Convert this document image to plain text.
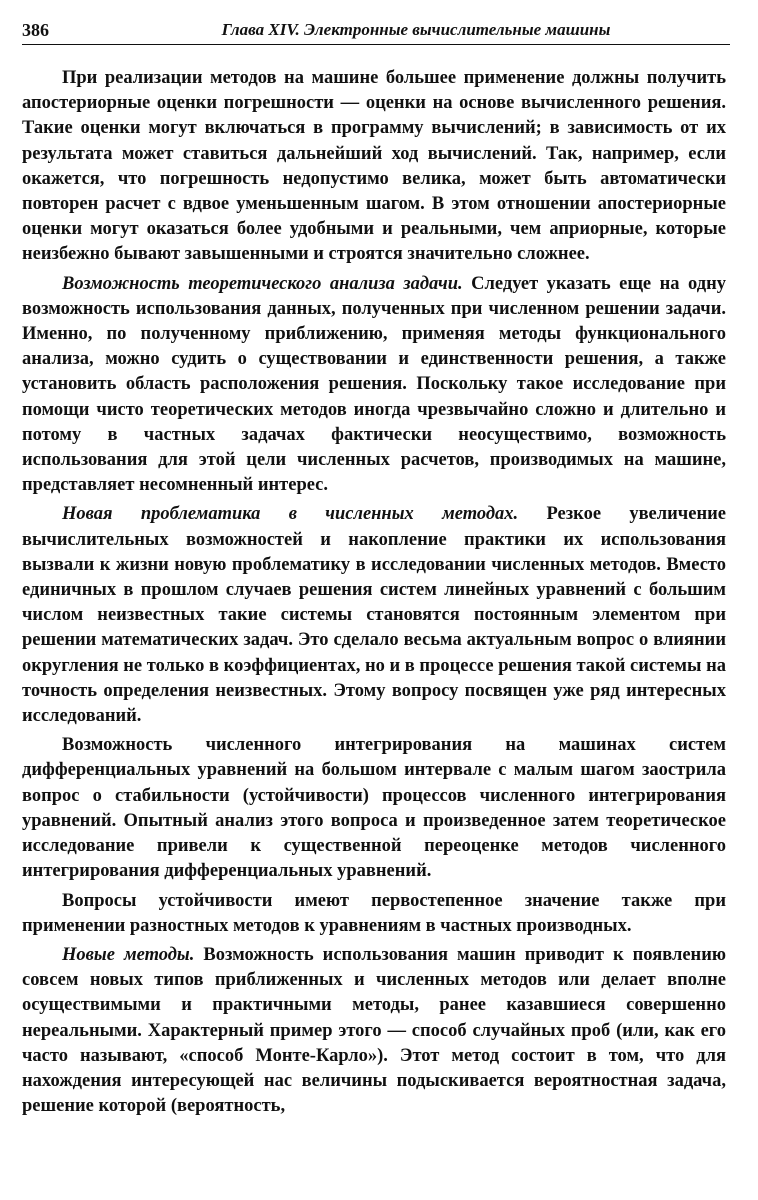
386	Глава XIV. Электронные вычислительные машины

При реализации методов на машине большее применение должны получить апостериорные оценки погрешности — оценки на основе вычисленного решения. Такие оценки могут включаться в программу вычислений; в зависимость от их результата может ставиться дальнейший ход вычислений. Так, например, если окажется, что погрешность недопустимо велика, может быть автоматически повторен расчет с вдвое уменьшенным шагом. В этом отношении апостериорные оценки могут оказаться более удобными и реальными, чем априорные, которые неизбежно бывают завышенными и строятся значительно сложнее.

Возможность теоретического анализа задачи. Следует указать еще на одну возможность использования данных, полученных при численном решении задачи. Именно, по полученному приближению, применяя методы функционального анализа, можно судить о существовании и единственности решения, а также установить область расположения решения. Поскольку такое исследование при помощи чисто теоретических методов иногда чрезвычайно сложно и длительно и потому в частных задачах фактически неосуществимо, возможность использования для этой цели численных расчетов, производимых на машине, представляет несомненный интерес.

Новая проблематика в численных методах. Резкое увеличение вычислительных возможностей и накопление практики их использования вызвали к жизни новую проблематику в исследовании численных методов. Вместо единичных в прошлом случаев решения систем линейных уравнений с большим числом неизвестных такие системы становятся постоянным элементом при решении математических задач. Это сделало весьма актуальным вопрос о влиянии округления не только в коэффициентах, но и в процессе решения такой системы на точность определения неизвестных. Этому вопросу посвящен уже ряд интересных исследований.

Возможность численного интегрирования на машинах систем дифференциальных уравнений на большом интервале с малым шагом заострила вопрос о стабильности (устойчивости) процессов численного интегрирования уравнений. Опытный анализ этого вопроса и произведенное затем теоретическое исследование привели к существенной переоценке методов численного интегрирования дифференциальных уравнений.

Вопросы устойчивости имеют первостепенное значение также при применении разностных методов к уравнениям в частных производных.

Новые методы. Возможность использования машин приводит к появлению совсем новых типов приближенных и численных методов или делает вполне осуществимыми и практичными методы, ранее казавшиеся совершенно нереальными. Характерный пример этого — способ случайных проб (или, как его часто называют, «способ Монте-Карло»). Этот метод состоит в том, что для нахождения интересующей нас величины подыскивается вероятностная задача, решение которой (вероятность,
